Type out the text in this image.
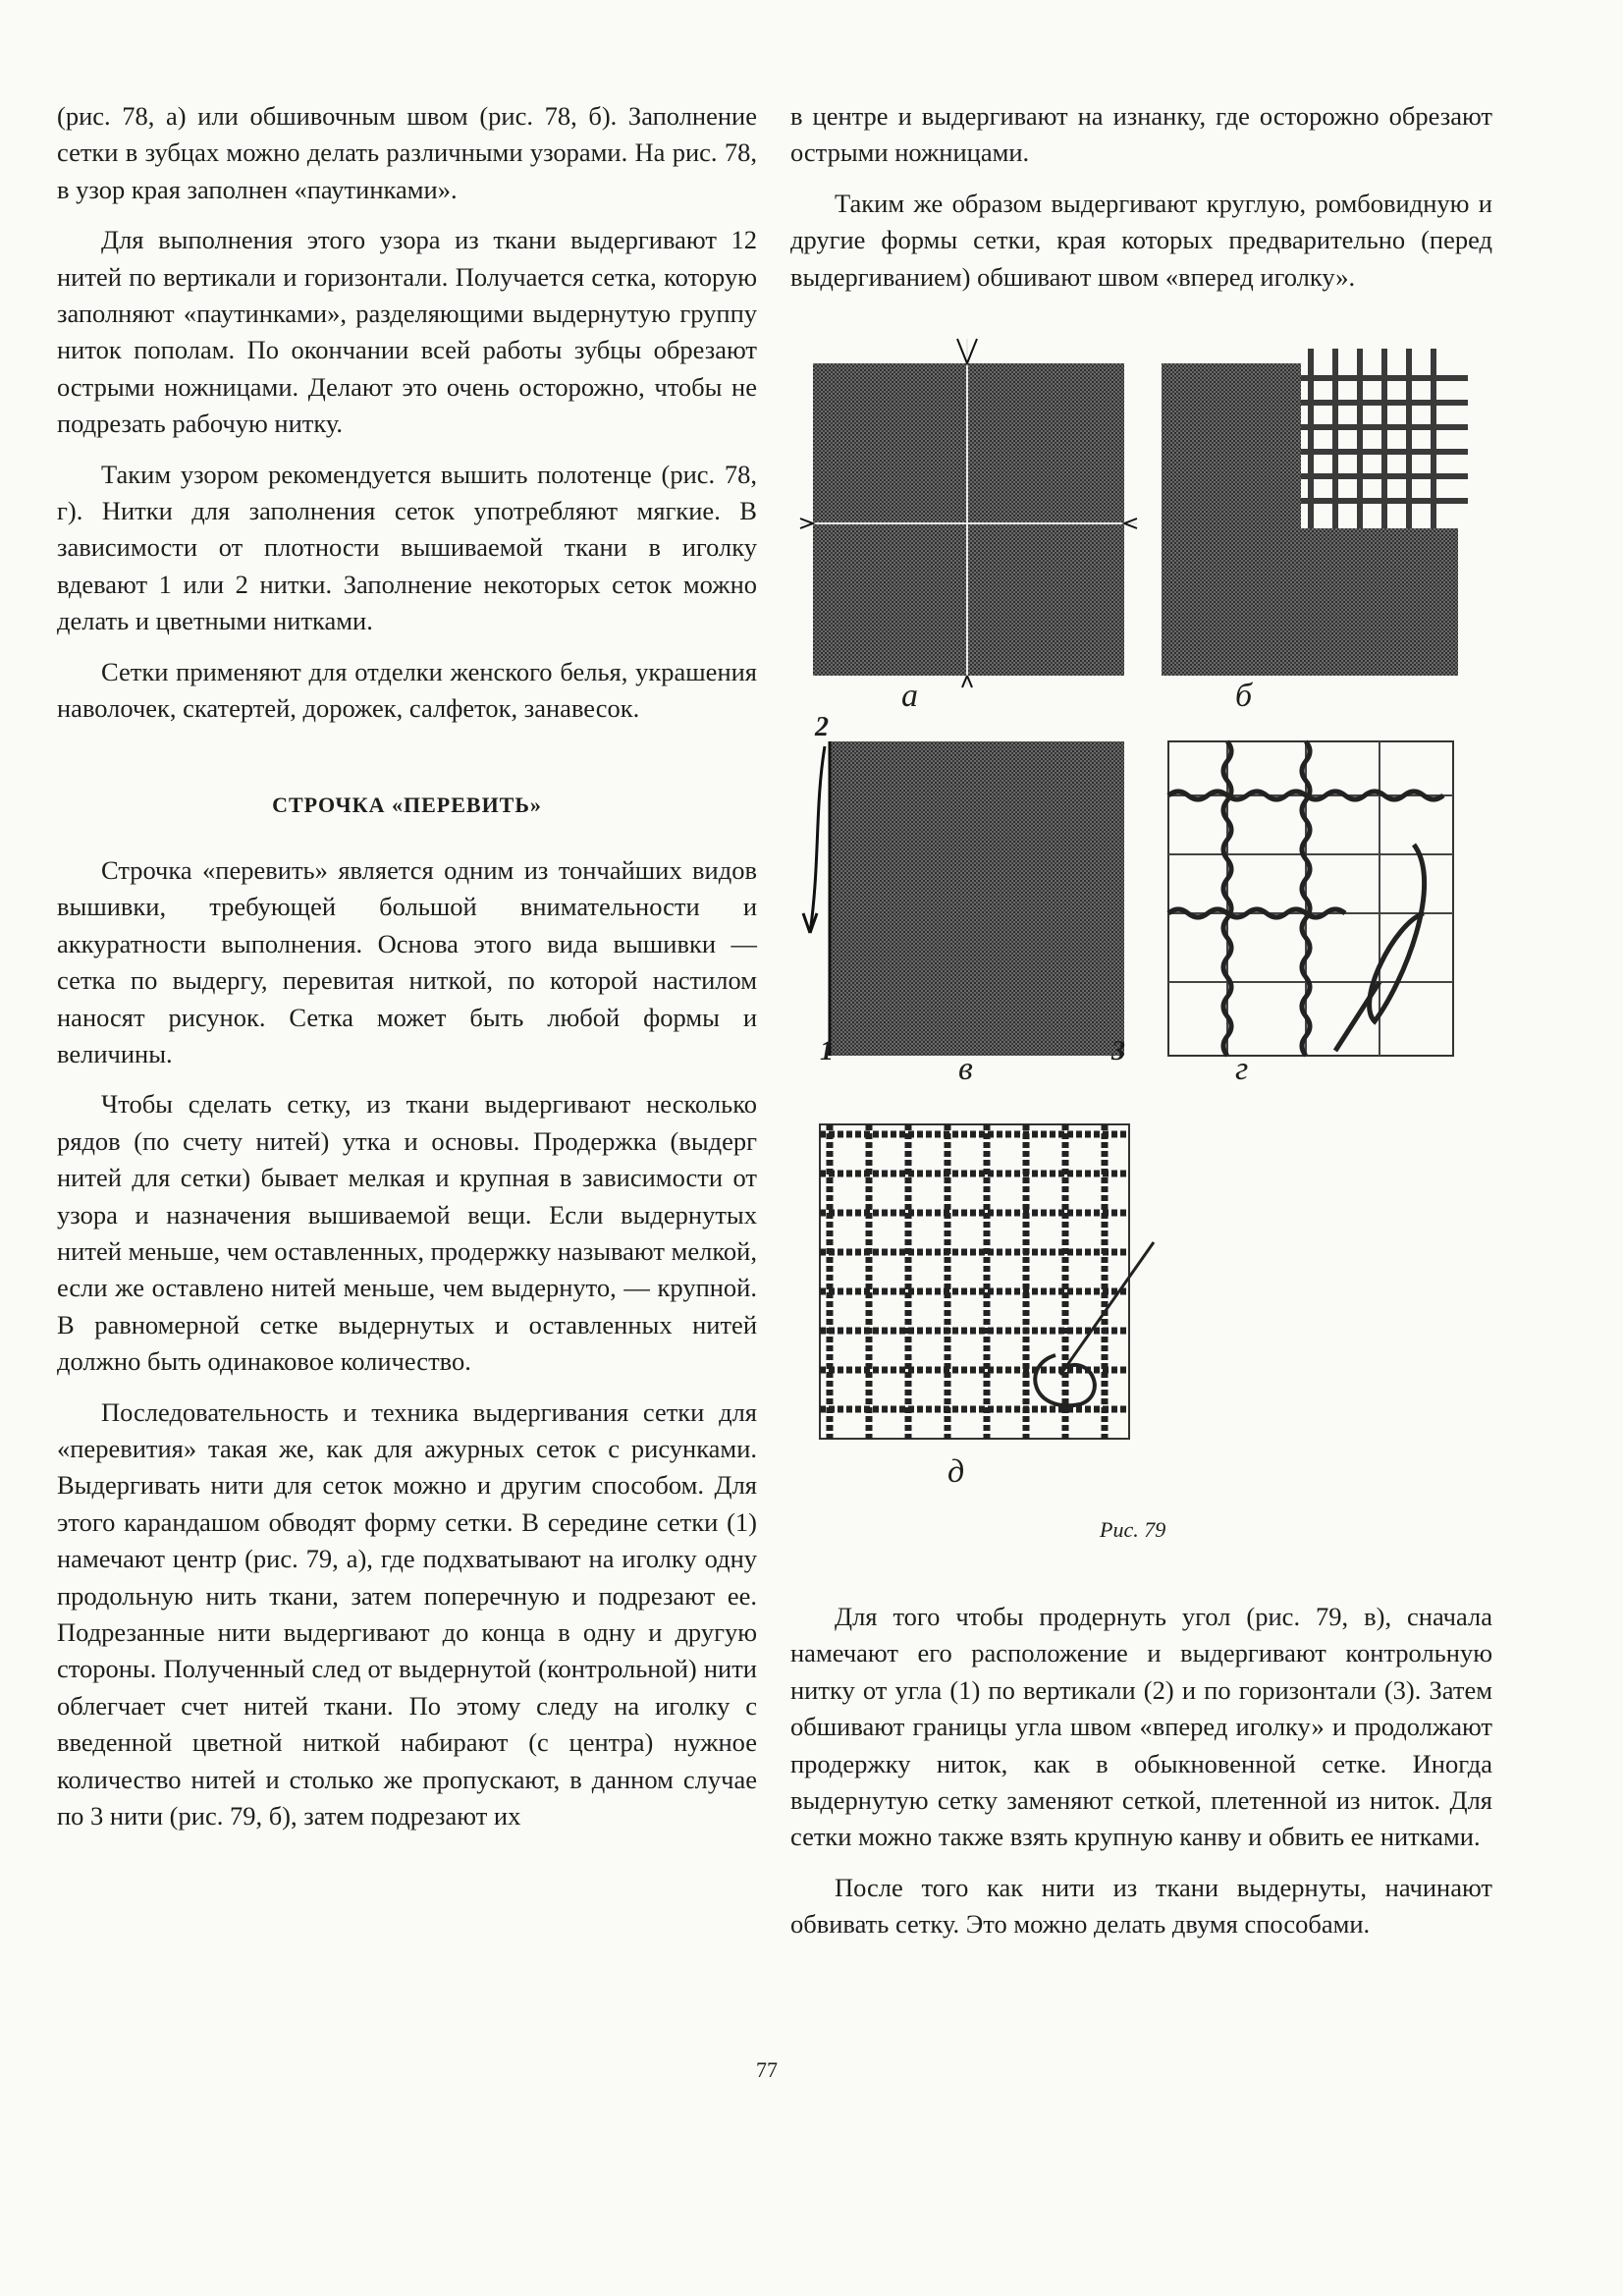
(рис. 78, а) или обшивочным швом (рис. 78, б). Заполнение сетки в зубцах можно делать различными узорами. На рис. 78, в узор края заполнен «паутинками».

Для выполнения этого узора из ткани выдергивают 12 нитей по вертикали и горизонтали. Получается сетка, которую заполняют «паутинками», разделяющими выдернутую группу ниток пополам. По окончании всей работы зубцы обрезают острыми ножницами. Делают это очень осторожно, чтобы не подрезать рабочую нитку.

Таким узором рекомендуется вышить полотенце (рис. 78, г). Нитки для заполнения сеток употребляют мягкие. В зависимости от плотности вышиваемой ткани в иголку вдевают 1 или 2 нитки. Заполнение некоторых сеток можно делать и цветными нитками.

Сетки применяют для отделки женского белья, украшения наволочек, скатертей, дорожек, салфеток, занавесок.

СТРОЧКА «ПЕРЕВИТЬ»

Строчка «перевить» является одним из тончайших видов вышивки, требующей большой внимательности и аккуратности выполнения. Основа этого вида вышивки — сетка по выдергу, перевитая ниткой, по которой настилом наносят рисунок. Сетка может быть любой формы и величины.

Чтобы сделать сетку, из ткани выдергивают несколько рядов (по счету нитей) утка и основы. Продержка (выдерг нитей для сетки) бывает мелкая и крупная в зависимости от узора и назначения вышиваемой вещи. Если выдернутых нитей меньше, чем оставленных, продержку называют мелкой, если же оставлено нитей меньше, чем выдернуто, — крупной. В равномерной сетке выдернутых и оставленных нитей должно быть одинаковое количество.

Последовательность и техника выдергивания сетки для «перевития» такая же, как для ажурных сеток с рисунками. Выдергивать нити для сеток можно и другим способом. Для этого карандашом обводят форму сетки. В середине сетки (1) намечают центр (рис. 79, а), где подхватывают на иголку одну продольную нить ткани, затем поперечную и подрезают ее. Подрезанные нити выдергивают до конца в одну и другую стороны. Полученный след от выдернутой (контрольной) нити облегчает счет нитей ткани. По этому следу на иголку с введенной цветной ниткой набирают (с центра) нужное количество нитей и столько же пропускают, в данном случае по 3 нити (рис. 79, б), затем подрезают их

в центре и выдергивают на изнанку, где осторожно обрезают острыми ножницами.

Таким же образом выдергивают круглую, ромбовидную и другие формы сетки, края которых предварительно (перед выдергиванием) обшивают швом «вперед иголку».

а	б
в	г
д
1
2
3
Рис. 79

Для того чтобы продернуть угол (рис. 79, в), сначала намечают его расположение и выдергивают контрольную нитку от угла (1) по вертикали (2) и по горизонтали (3). Затем обшивают границы угла швом «вперед иголку» и продолжают продержку ниток, как в обыкновенной сетке. Иногда выдернутую сетку заменяют сеткой, плетенной из ниток. Для сетки можно также взять крупную канву и обвить ее нитками.

После того как нити из ткани выдернуты, начинают обвивать сетку. Это можно делать двумя способами.

77
